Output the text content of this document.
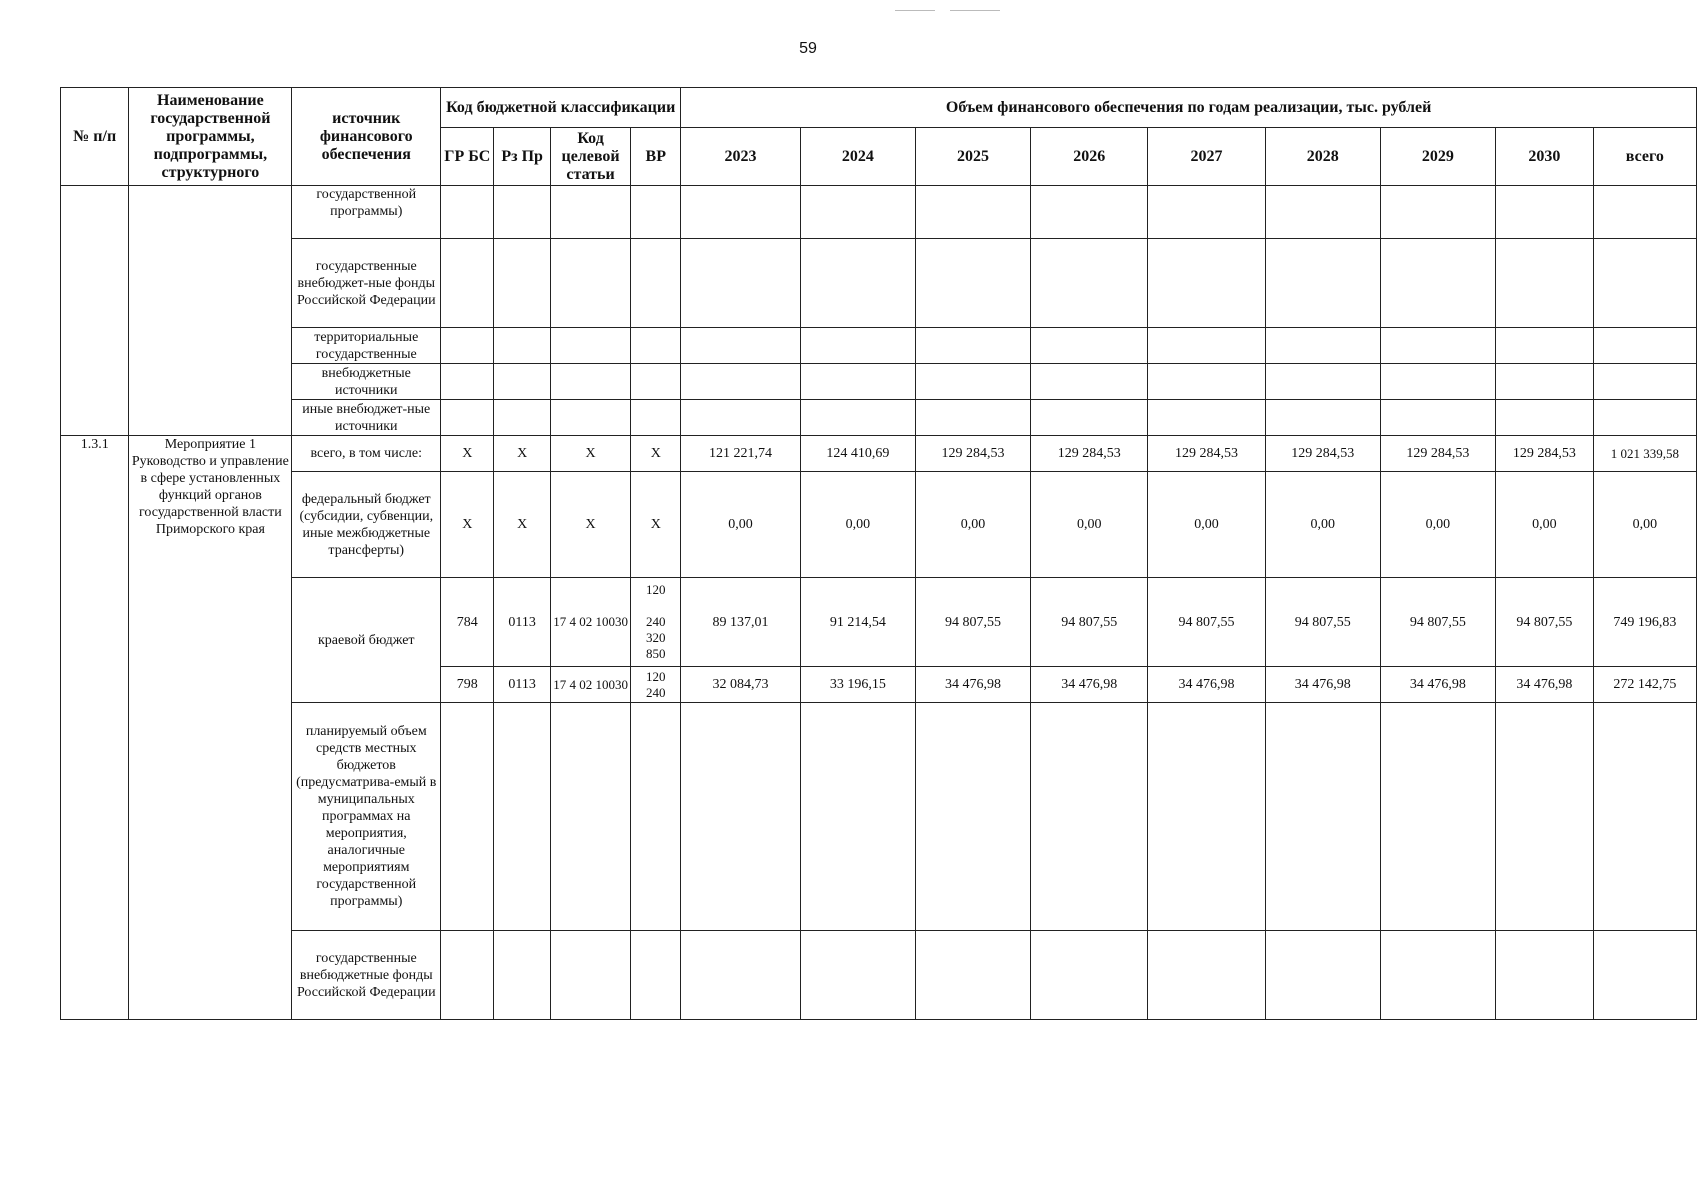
59
№ п/п	Наименование государственной программы, подпрограммы, структурного	источник финансового обеспечения	Код бюджетной классификации				Объем финансового обеспечения по годам реализации, тыс. рублей								
			ГР БС	Рз Пр	Код целевой статьи	ВР	2023	2024	2025	2026	2027	2028	2029	2030	всего
		государственной программы)													
		государственные внебюджет-ные фонды Российской Федерации													
		территориальные государственные													
		внебюджетные источники													
		иные внебюджет-ные источники													
1.3.1	Мероприятие 1 Руководство и управление в сфере установленных функций органов государственной власти Приморского края	всего, в том числе:	Х	Х	Х	Х	121 221,74	124 410,69	129 284,53	129 284,53	129 284,53	129 284,53	129 284,53	129 284,53	1 021 339,58
		федеральный бюджет (субсидии, субвенции, иные межбюджетные трансферты)	Х	Х	Х	Х	0,00	0,00	0,00	0,00	0,00	0,00	0,00	0,00	0,00
		краевой бюджет	784	0113	17 4 02 10030	120
240
320
850	89 137,01	91 214,54	94 807,55	94 807,55	94 807,55	94 807,55	94 807,55	94 807,55	749 196,83
			798	0113	17 4 02 10030	120
240	32 084,73	33 196,15	34 476,98	34 476,98	34 476,98	34 476,98	34 476,98	34 476,98	272 142,75
		планируемый объем средств местных бюджетов (предусматрива-емый в муниципальных программах на мероприятия, аналогичные мероприятиям государственной программы)													
		государственные внебюджетные фонды Российской Федерации													
